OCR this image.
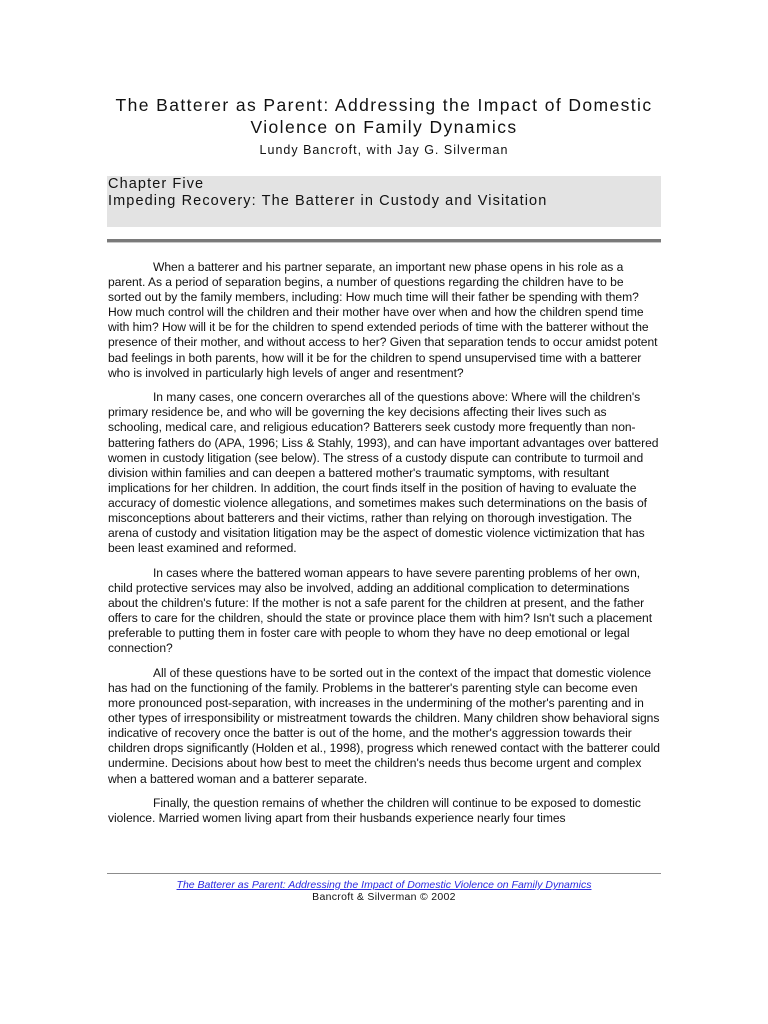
The Batterer as Parent: Addressing the Impact of Domestic Violence on Family Dynamics
Lundy Bancroft, with Jay G. Silverman
Chapter Five
Impeding Recovery: The Batterer in Custody and Visitation

When a batterer and his partner separate, an important new phase opens in his role as a parent. As a period of separation begins, a number of questions regarding the children have to be sorted out by the family members, including: How much time will their father be spending with them? How much control will the children and their mother have over when and how the children spend time with him? How will it be for the children to spend extended periods of time with the batterer without the presence of their mother, and without access to her? Given that separation tends to occur amidst potent bad feelings in both parents, how will it be for the children to spend unsupervised time with a batterer who is involved in particularly high levels of anger and resentment?

In many cases, one concern overarches all of the questions above: Where will the children's primary residence be, and who will be governing the key decisions affecting their lives such as schooling, medical care, and religious education? Batterers seek custody more frequently than non-battering fathers do (APA, 1996; Liss & Stahly, 1993), and can have important advantages over battered women in custody litigation (see below). The stress of a custody dispute can contribute to turmoil and division within families and can deepen a battered mother's traumatic symptoms, with resultant implications for her children. In addition, the court finds itself in the position of having to evaluate the accuracy of domestic violence allegations, and sometimes makes such determinations on the basis of misconceptions about batterers and their victims, rather than relying on thorough investigation. The arena of custody and visitation litigation may be the aspect of domestic violence victimization that has been least examined and reformed.

In cases where the battered woman appears to have severe parenting problems of her own, child protective services may also be involved, adding an additional complication to determinations about the children's future: If the mother is not a safe parent for the children at present, and the father offers to care for the children, should the state or province place them with him? Isn't such a placement preferable to putting them in foster care with people to whom they have no deep emotional or legal connection?

All of these questions have to be sorted out in the context of the impact that domestic violence has had on the functioning of the family. Problems in the batterer's parenting style can become even more pronounced post-separation, with increases in the undermining of the mother's parenting and in other types of irresponsibility or mistreatment towards the children. Many children show behavioral signs indicative of recovery once the batter is out of the home, and the mother's aggression towards their children drops significantly (Holden et al., 1998), progress which renewed contact with the batterer could undermine. Decisions about how best to meet the children's needs thus become urgent and complex when a battered woman and a batterer separate.

Finally, the question remains of whether the children will continue to be exposed to domestic violence. Married women living apart from their husbands experience nearly four times

The Batterer as Parent: Addressing the Impact of Domestic Violence on Family Dynamics
Bancroft & Silverman © 2002
